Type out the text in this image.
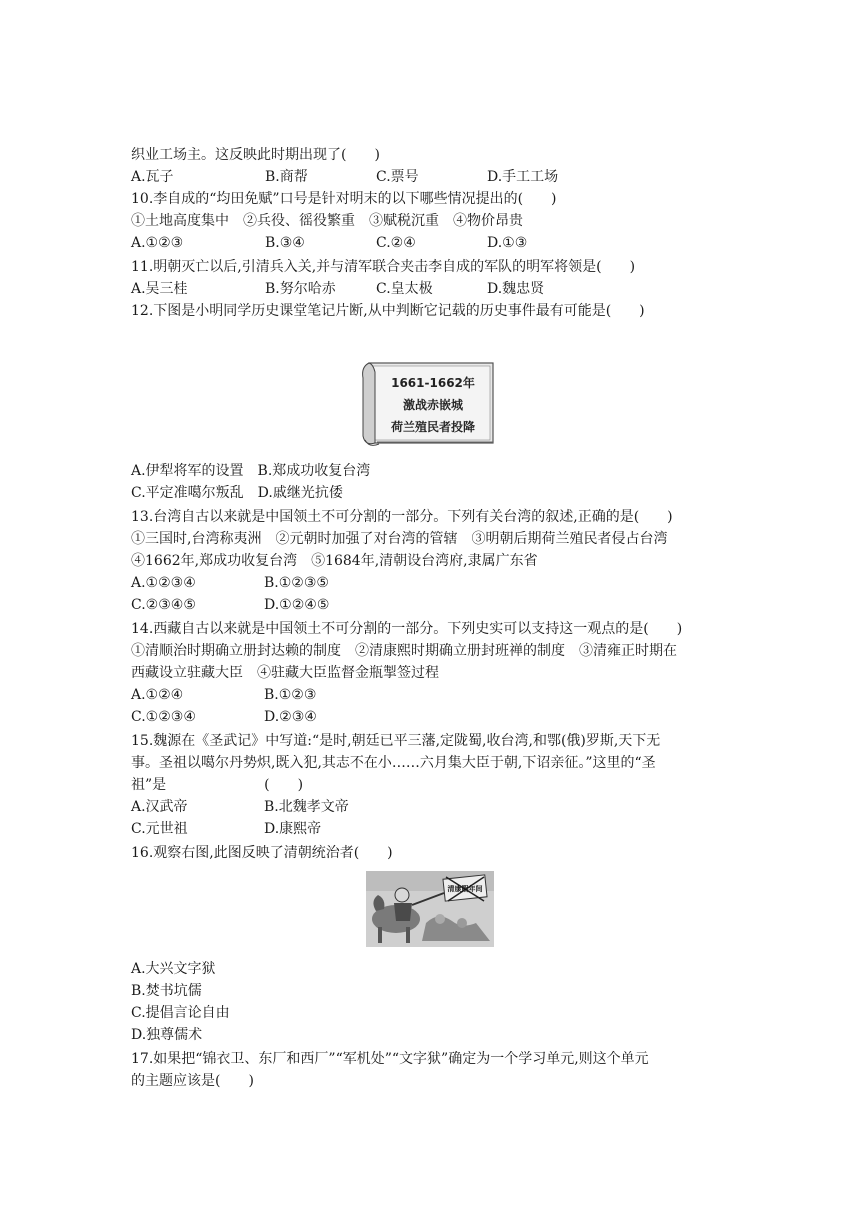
织业工场主。这反映此时期出现了(　　)
A.瓦子	B.商帮	C.票号	D.手工工场
10.李自成的“均田免赋”口号是针对明末的以下哪些情况提出的(　　)
①土地高度集中　②兵役、徭役繁重　③赋税沉重　④物价昂贵
A.①②③	B.③④	C.②④	D.①③
11.明朝灭亡以后,引清兵入关,并与清军联合夹击李自成的军队的明军将领是(　　)
A.吴三桂	B.努尔哈赤	C.皇太极	D.魏忠贤
12.下图是小明同学历史课堂笔记片断,从中判断它记载的历史事件最有可能是(　　)
1661-1662年
激战赤嵌城
荷兰殖民者投降
A.伊犁将军的设置　B.郑成功收复台湾
C.平定准噶尔叛乱　D.戚继光抗倭
13.台湾自古以来就是中国领土不可分割的一部分。下列有关台湾的叙述,正确的是(　　)
①三国时,台湾称夷洲　②元朝时加强了对台湾的管辖　③明朝后期荷兰殖民者侵占台湾
④1662年,郑成功收复台湾　⑤1684年,清朝设台湾府,隶属广东省
A.①②③④	B.①②③⑤
C.②③④⑤	D.①②④⑤
14.西藏自古以来就是中国领土不可分割的一部分。下列史实可以支持这一观点的是(　　)
①清顺治时期确立册封达赖的制度　②清康熙时期确立册封班禅的制度　③清雍正时期在
西藏设立驻藏大臣　④驻藏大臣监督金瓶掣签过程
A.①②④	B.①②③
C.①②③④	D.②③④
15.魏源在《圣武记》中写道:“是时,朝廷已平三藩,定陇蜀,收台湾,和鄂(俄)罗斯,天下无
事。圣祖以噶尔丹势炽,既入犯,其志不在小……六月集大臣于朝,下诏亲征。”这里的“圣
祖”是　　　　　　　(　　)
A.汉武帝	B.北魏孝文帝
C.元世祖	D.康熙帝
16.观察右图,此图反映了清朝统治者(　　)
清康熙年间
A.大兴文字狱
B.焚书坑儒
C.提倡言论自由
D.独尊儒术
17.如果把“锦衣卫、东厂和西厂”“军机处”“文字狱”确定为一个学习单元,则这个单元
的主题应该是(　　)
